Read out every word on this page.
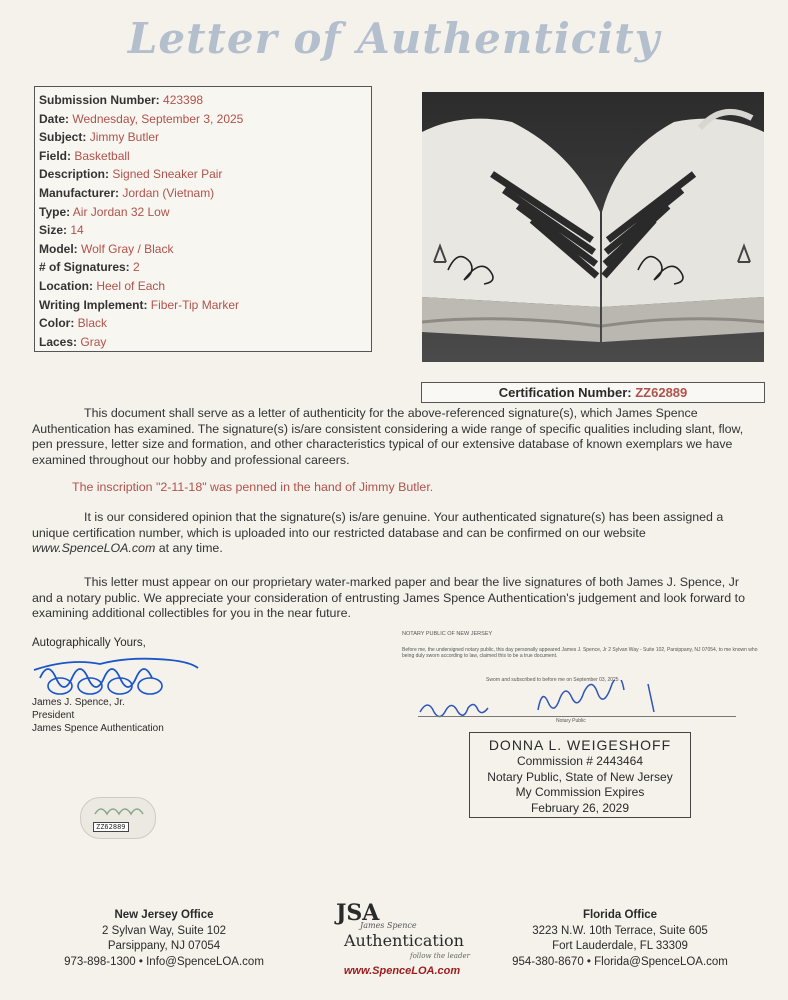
Letter of Authenticity
Submission Number: 423398
Date: Wednesday, September 3, 2025
Subject: Jimmy Butler
Field: Basketball
Description: Signed Sneaker Pair
Manufacturer: Jordan (Vietnam)
Type: Air Jordan 32 Low
Size: 14
Model: Wolf Gray / Black
# of Signatures: 2
Location: Heel of Each
Writing Implement: Fiber-Tip Marker
Color: Black
Laces: Gray
Certification Number: ZZ62889
This document shall serve as a letter of authenticity for the above-referenced signature(s), which James Spence Authentication has examined. The signature(s) is/are consistent considering a wide range of specific qualities including slant, flow, pen pressure, letter size and formation, and other characteristics typical of our extensive database of known exemplars we have examined throughout our hobby and professional careers.
The inscription "2-11-18" was penned in the hand of Jimmy Butler.
It is our considered opinion that the signature(s) is/are genuine. Your authenticated signature(s) has been assigned a unique certification number, which is uploaded into our restricted database and can be confirmed on our website www.SpenceLOA.com at any time.
This letter must appear on our proprietary water-marked paper and bear the live signatures of both James J. Spence, Jr and a notary public. We appreciate your consideration of entrusting James Spence Authentication's judgement and look forward to examining additional collectibles for you in the near future.
Autographically Yours,
James J. Spence, Jr.
President
James Spence Authentication
NOTARY PUBLIC OF NEW JERSEY
Before me, the undersigned notary public, this day personally appeared James J. Spence, Jr 2 Sylvan Way - Suite 102, Parsippany, NJ 07054, to me known who being duly sworn according to law, claimed this to be a true document.
Sworn and subscribed to before me on September 03, 2025
Notary Public
DONNA L. WEIGESHOFF
Commission # 2443464
Notary Public, State of New Jersey
My Commission Expires
February 26, 2029
ZZ62889
New Jersey Office
2 Sylvan Way, Suite 102
Parsippany, NJ 07054
973-898-1300 • Info@SpenceLOA.com
Florida Office
3223 N.W. 10th Terrace, Suite 605
Fort Lauderdale, FL 33309
954-380-8670 • Florida@SpenceLOA.com
JSA
James Spence
Authentication
follow the leader
www.SpenceLOA.com
